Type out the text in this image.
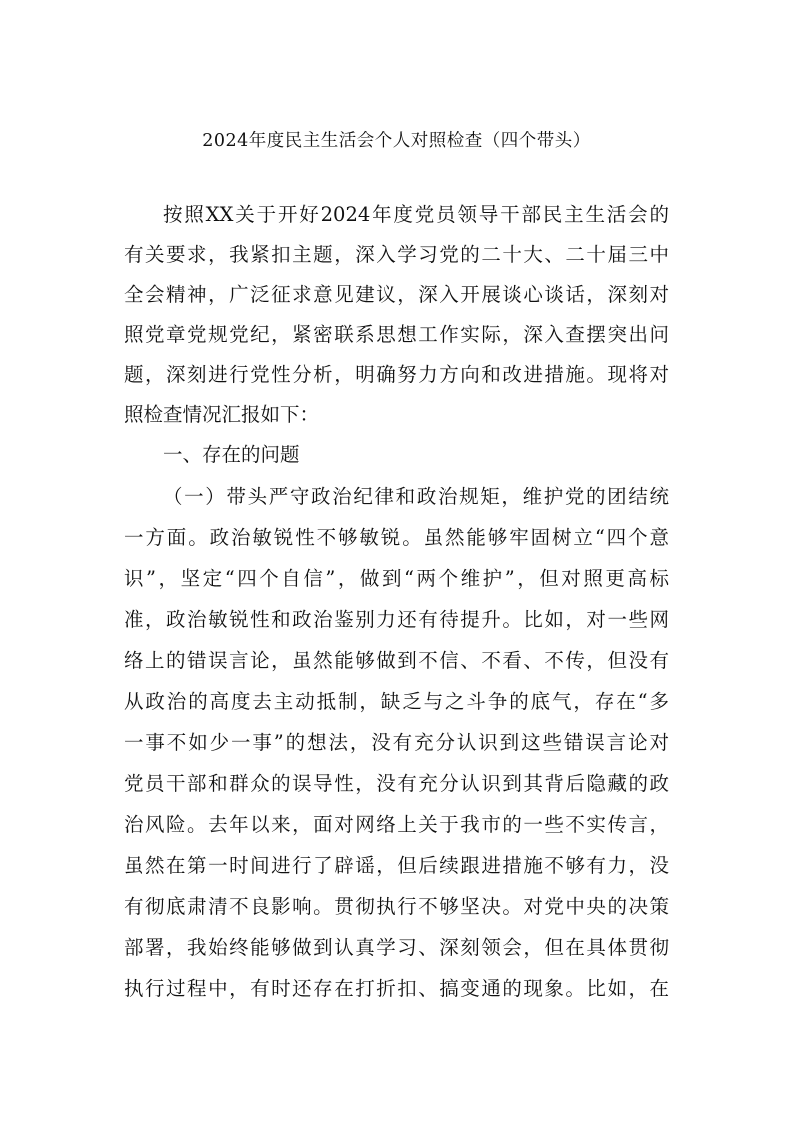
2024年度民主生活会个人对照检查（四个带头）

按照XX关于开好2024年度党员领导干部民主生活会的

有关要求，我紧扣主题，深入学习党的二十大、二十届三中

全会精神，广泛征求意见建议，深入开展谈心谈话，深刻对

照党章党规党纪，紧密联系思想工作实际，深入查摆突出问

题，深刻进行党性分析，明确努力方向和改进措施。现将对

照检查情况汇报如下：

一、存在的问题

（一）带头严守政治纪律和政治规矩，维护党的团结统

一方面。政治敏锐性不够敏锐。虽然能够牢固树立“四个意

识”，坚定“四个自信”，做到“两个维护”，但对照更高标

准，政治敏锐性和政治鉴别力还有待提升。比如，对一些网

络上的错误言论，虽然能够做到不信、不看、不传，但没有

从政治的高度去主动抵制，缺乏与之斗争的底气，存在“多

一事不如少一事”的想法，没有充分认识到这些错误言论对

党员干部和群众的误导性，没有充分认识到其背后隐藏的政

治风险。去年以来，面对网络上关于我市的一些不实传言，

虽然在第一时间进行了辟谣，但后续跟进措施不够有力，没

有彻底肃清不良影响。贯彻执行不够坚决。对党中央的决策

部署，我始终能够做到认真学习、深刻领会，但在具体贯彻

执行过程中，有时还存在打折扣、搞变通的现象。比如，在
